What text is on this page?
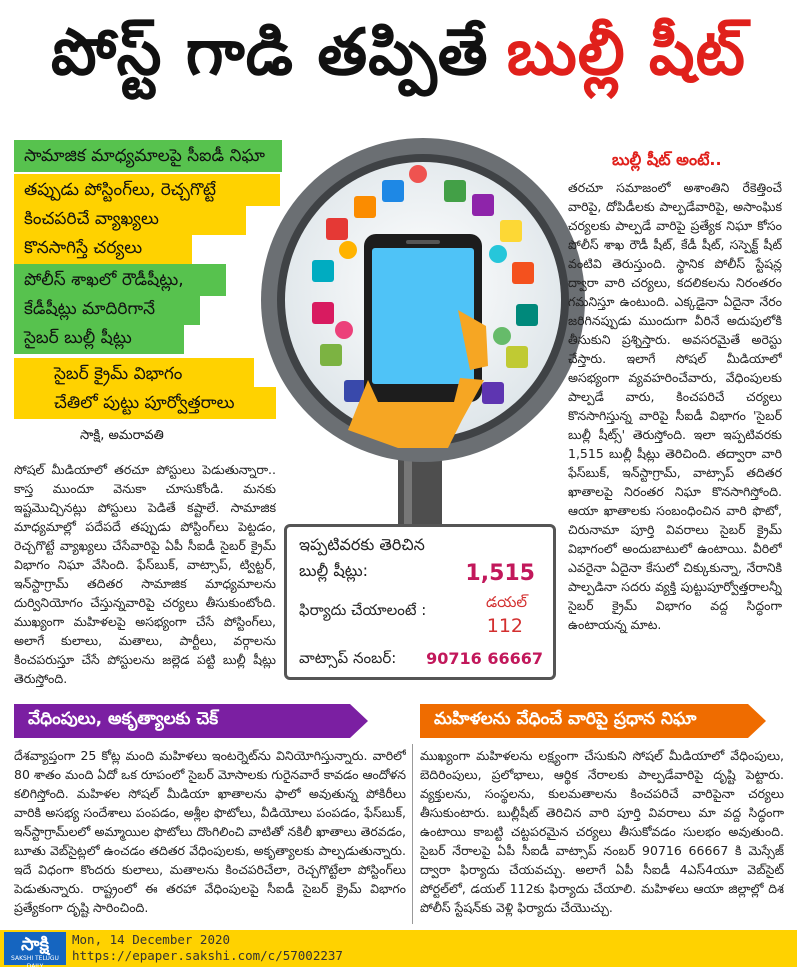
పోస్ట్ గాడి తప్పితే బుల్లీ షీట్
సామాజిక మాధ్యమాలపై సీఐడీ నిఘా
తప్పుడు పోస్టింగ్‌లు, రెచ్చగొట్టే
కించపరిచే వ్యాఖ్యలు
కొనసాగిస్తే చర్యలు
పోలీస్ శాఖలో రౌడీషీట్లు,
కేడీషీట్లు మాదిరిగానే
సైబర్ బుల్లీ షీట్లు
సైబర్ క్రైమ్ విభాగం
చేతిలో పుట్టు పూర్వోత్తరాలు
సాక్షి, అమరావతి
బుల్లీ షీట్ అంటే..

తరచూ సమాజంలో అశాంతిని రేకెత్తించే వారిపై, దోపిడీలకు పాల్పడేవారిపై, అసాంఘిక చర్యలకు పాల్పడే వారిపై ప్రత్యేక నిఘా కోసం పోలీస్ శాఖ రౌడీ షీట్, కేడీ షీట్, సస్పెక్ట్ షీట్ వంటివి తెరుస్తుంది. స్థానిక పోలీస్ స్టేషన్ల ద్వారా వారి చర్యలు, కదలికలను నిరంతరం గమనిస్తూ ఉంటుంది. ఎక్కడైనా ఏదైనా నేరం జరిగినప్పుడు ముందుగా వీరినే అదుపులోకి తీసుకుని ప్రశ్నిస్తారు. అవసరమైతే అరెస్టు చేస్తారు. ఇలాగే సోషల్ మీడియాలో అసభ్యంగా వ్యవహరించేవారు, వేధింపులకు పాల్పడే వారు, కించపరిచే చర్యలు కొనసాగిస్తున్న వారిపై సీఐడీ విభాగం 'సైబర్ బుల్లీ షీట్స్' తెరుస్తోంది. ఇలా ఇప్పటివరకు 1,515 బుల్లీ షీట్లు తెరిచింది. తద్వారా వారి ఫేస్‌బుక్, ఇన్‌స్టాగ్రామ్, వాట్సాప్ తదితర ఖాతాలపై నిరంతర నిఘా కొనసాగిస్తోంది. ఆయా ఖాతాలకు సంబంధించిన వారి ఫొటో, చిరునామా పూర్తి వివరాలు సైబర్ క్రైమ్ విభాగంలో అందుబాటులో ఉంటాయి. వీరిలో ఎవరైనా ఏదైనా కేసులో చిక్కుకున్నా, నేరానికి పాల్పడినా సదరు వ్యక్తి పుట్టుపూర్వోత్తరాలన్నీ సైబర్ క్రైమ్ విభాగం వద్ద సిద్ధంగా ఉంటాయన్న మాట.

సోషల్ మీడియాలో తరచూ పోస్టులు పెడుతున్నారా.. కాస్త ముందూ వెనుకా చూసుకోండి. మనకు ఇష్టమొచ్చినట్లు పోస్టులు పెడితే కష్టాలే. సామాజిక మాధ్యమాల్లో పదేపదే తప్పుడు పోస్టింగ్‌లు పెట్టడం, రెచ్చగొట్టే వ్యాఖ్యలు చేసేవారిపై ఏపీ సీఐడీ సైబర్ క్రైమ్ విభాగం నిఘా వేసింది. ఫేస్‌బుక్, వాట్సాప్, ట్విట్టర్, ఇన్‌స్టాగ్రామ్ తదితర సామాజిక మాధ్యమాలను దుర్వినియోగం చేస్తున్నవారిపై చర్యలు తీసుకుంటోంది. ముఖ్యంగా మహిళలపై అసభ్యంగా చేసే పోస్టింగ్‌లు, అలాగే కులాలు, మతాలు, పార్టీలు, వర్గాలను కించపరుస్తూ చేసే పోస్టులను జల్లెడ పట్టి బుల్లీ షీట్లు తెరుస్తోంది.

ఇప్పటివరకు తెరిచిన
బుల్లీ షీట్లు:	1,515
ఫిర్యాదు చేయాలంటే :	డయల్
112
వాట్సాప్ నంబర్: 90716 66667
వేధింపులు, అకృత్యాలకు చెక్	మహిళలను వేధించే వారిపై ప్రధాన నిఘా

దేశవ్యాప్తంగా 25 కోట్ల మంది మహిళలు ఇంటర్నెట్‌ను వినియోగిస్తున్నారు. వారిలో 80 శాతం మంది ఏదో ఒక రూపంలో సైబర్ మోసాలకు గురైనవారే కావడం ఆందోళన కలిగిస్తోంది. మహిళల సోషల్ మీడియా ఖాతాలను ఫాలో అవుతున్న పోకిరీలు వారికి అసభ్య సందేశాలు పంపడం, అశ్లీల ఫొటోలు, వీడియోలు పంపడం, ఫేస్‌బుక్, ఇన్‌స్టాగ్రామ్‌లలో అమ్మాయిల ఫొటోలు దొంగిలించి వాటితో నకిలీ ఖాతాలు తెరవడం, బూతు వెబ్‌సైట్లలో ఉంచడం తదితర వేధింపులకు, అకృత్యాలకు పాల్పడుతున్నారు. ఇదే విధంగా కొందరు కులాలు, మతాలను కించపరిచేలా, రెచ్చగొట్టేలా పోస్టింగ్‌లు పెడుతున్నారు. రాష్ట్రంలో ఈ తరహా వేధింపులపై సీఐడీ సైబర్ క్రైమ్ విభాగం ప్రత్యేకంగా దృష్టి సారించింది.

ముఖ్యంగా మహిళలను లక్ష్యంగా చేసుకుని సోషల్ మీడియాలో వేధింపులు, బెదిరింపులు, ప్రలోభాలు, ఆర్థిక నేరాలకు పాల్పడేవారిపై దృష్టి పెట్టారు. వ్యక్తులను, సంస్థలను, కులమతాలను కించపరిచే వారిపైనా చర్యలు తీసుకుంటారు. బుల్లీషీట్ తెరిచిన వారి పూర్తి వివరాలు మా వద్ద సిద్ధంగా ఉంటాయి కాబట్టి చట్టపరమైన చర్యలు తీసుకోవడం సులభం అవుతుంది. సైబర్ నేరాలపై ఏపీ సీఐడీ వాట్సాప్ నంబర్ 90716 66667 కి మెస్సేజ్ ద్వారా ఫిర్యాదు చేయవచ్చు. అలాగే ఏపీ సీఐడీ 4ఎస్4యూ వెబ్‌సైట్ పోర్టల్‌లో, డయల్ 112కు ఫిర్యాదు చేయాలి. మహిళలు ఆయా జిల్లాల్లో దిశ పోలీస్ స్టేషన్‌కు వెళ్లి ఫిర్యాదు చేయొచ్చు.

సాక్షి
SAKSHI TELUGU DAILY
Mon, 14 December 2020
https://epaper.sakshi.com/c/57002237
